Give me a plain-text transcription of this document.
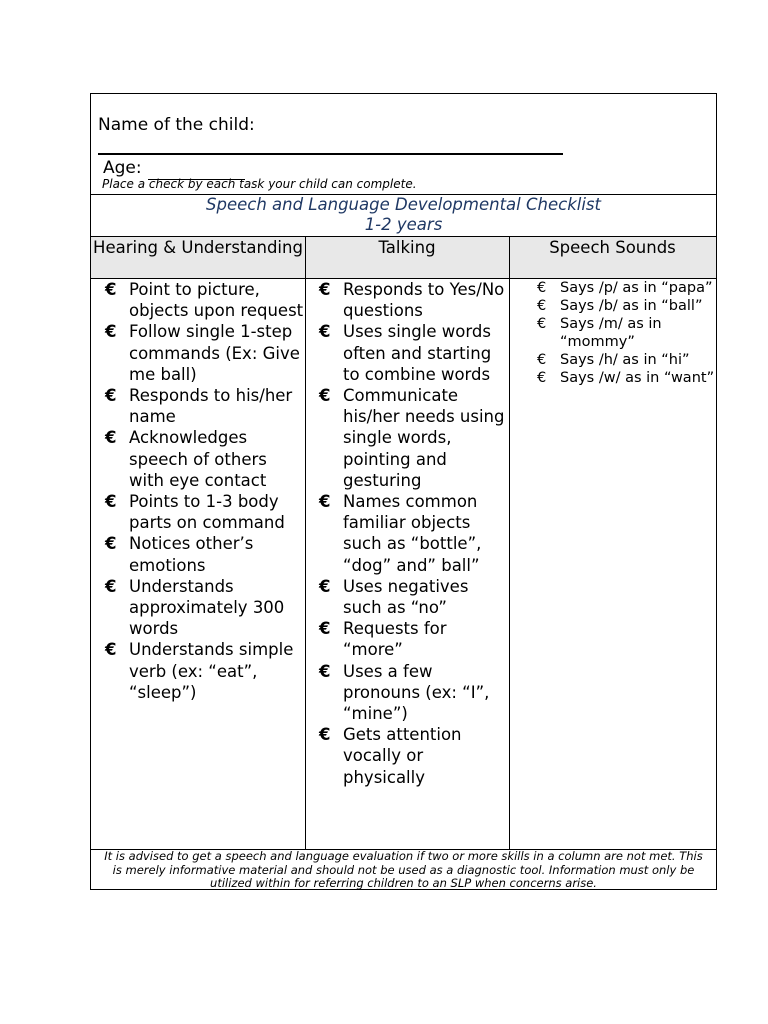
Name of the child:
Age:
Place a check by each task your child can complete.
Speech and Language Developmental Checklist
1-2 years
Hearing & Understanding	Talking	Speech Sounds
€ Point to picture, objects upon request
€ Follow single 1-step commands (Ex: Give me ball)
€ Responds to his/her name
€ Acknowledges speech of others with eye contact
€ Points to 1-3 body parts on command
€ Notices other’s emotions
€ Understands approximately 300 words
€ Understands simple verb (ex: “eat”, “sleep”)
€ Responds to Yes/No questions
€ Uses single words often and starting to combine words
€ Communicate his/her needs using single words, pointing and gesturing
€ Names common familiar objects such as “bottle”, “dog” and” ball”
€ Uses negatives such as “no”
€ Requests for “more”
€ Uses a few pronouns (ex: “I”, “mine”)
€ Gets attention vocally or physically
€ Says /p/ as in “papa”
€ Says /b/ as in “ball”
€ Says /m/ as in “mommy”
€ Says /h/ as in “hi”
€ Says /w/ as in “want”
It is advised to get a speech and language evaluation if two or more skills in a column are not met. This is merely informative material and should not be used as a diagnostic tool. Information must only be utilized within for referring children to an SLP when concerns arise.
